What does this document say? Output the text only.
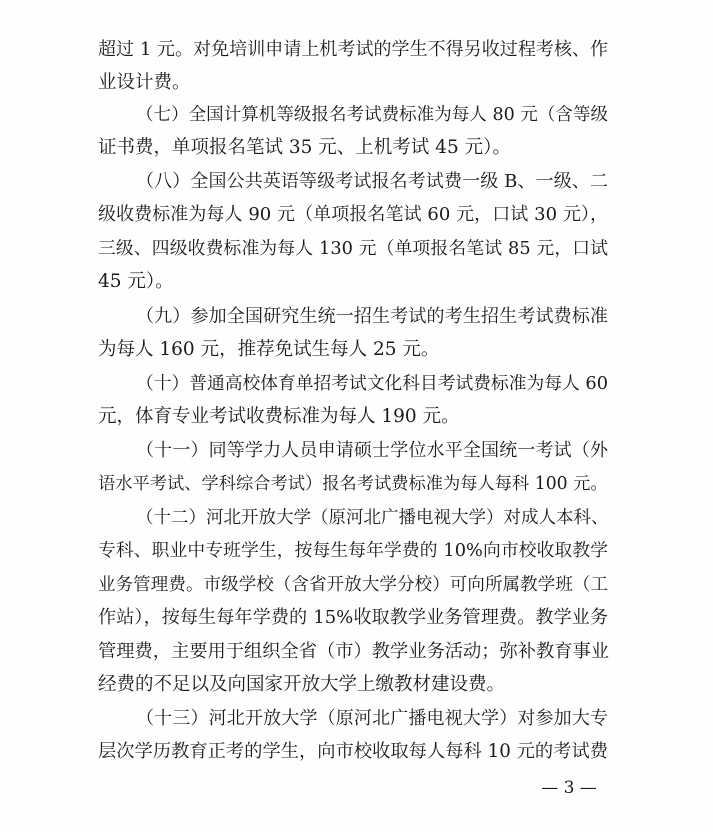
超过 1 元。对免培训申请上机考试的学生不得另收过程考核、作
业设计费。
（七）全国计算机等级报名考试费标准为每人 80 元（含等级
证书费，单项报名笔试 35 元、上机考试 45 元）。
（八）全国公共英语等级考试报名考试费一级 B、一级、二
级收费标准为每人 90 元（单项报名笔试 60 元，口试 30 元），
三级、四级收费标准为每人 130 元（单项报名笔试 85 元，口试
45 元）。
（九）参加全国研究生统一招生考试的考生招生考试费标准
为每人 160 元，推荐免试生每人 25 元。
（十）普通高校体育单招考试文化科目考试费标准为每人 60
元，体育专业考试收费标准为每人 190 元。
（十一）同等学力人员申请硕士学位水平全国统一考试（外
语水平考试、学科综合考试）报名考试费标准为每人每科 100 元。
（十二）河北开放大学（原河北广播电视大学）对成人本科、
专科、职业中专班学生，按每生每年学费的 10%向市校收取教学
业务管理费。市级学校（含省开放大学分校）可向所属教学班（工
作站），按每生每年学费的 15%收取教学业务管理费。教学业务
管理费，主要用于组织全省（市）教学业务活动；弥补教育事业
经费的不足以及向国家开放大学上缴教材建设费。
（十三）河北开放大学（原河北广播电视大学）对参加大专
层次学历教育正考的学生，向市校收取每人每科 10 元的考试费
— 3 —
